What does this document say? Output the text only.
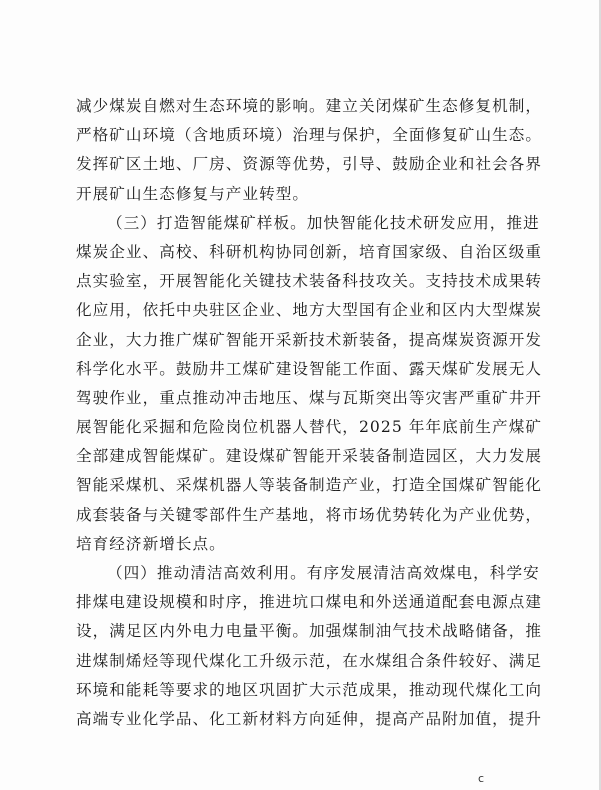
减少煤炭自燃对生态环境的影响。建立关闭煤矿生态修复机制，
严格矿山环境（含地质环境）治理与保护，全面修复矿山生态。
发挥矿区土地、厂房、资源等优势，引导、鼓励企业和社会各界
开展矿山生态修复与产业转型。
（三）打造智能煤矿样板。加快智能化技术研发应用，推进
煤炭企业、高校、科研机构协同创新，培育国家级、自治区级重
点实验室，开展智能化关键技术装备科技攻关。支持技术成果转
化应用，依托中央驻区企业、地方大型国有企业和区内大型煤炭
企业，大力推广煤矿智能开采新技术新装备，提高煤炭资源开发
科学化水平。鼓励井工煤矿建设智能工作面、露天煤矿发展无人
驾驶作业，重点推动冲击地压、煤与瓦斯突出等灾害严重矿井开
展智能化采掘和危险岗位机器人替代，2025 年年底前生产煤矿
全部建成智能煤矿。建设煤矿智能开采装备制造园区，大力发展
智能采煤机、采煤机器人等装备制造产业，打造全国煤矿智能化
成套装备与关键零部件生产基地，将市场优势转化为产业优势，
培育经济新增长点。
（四）推动清洁高效利用。有序发展清洁高效煤电，科学安
排煤电建设规模和时序，推进坑口煤电和外送通道配套电源点建
设，满足区内外电力电量平衡。加强煤制油气技术战略储备，推
进煤制烯烃等现代煤化工升级示范，在水煤组合条件较好、满足
环境和能耗等要求的地区巩固扩大示范成果，推动现代煤化工向
高端专业化学品、化工新材料方向延伸，提高产品附加值，提升
c
